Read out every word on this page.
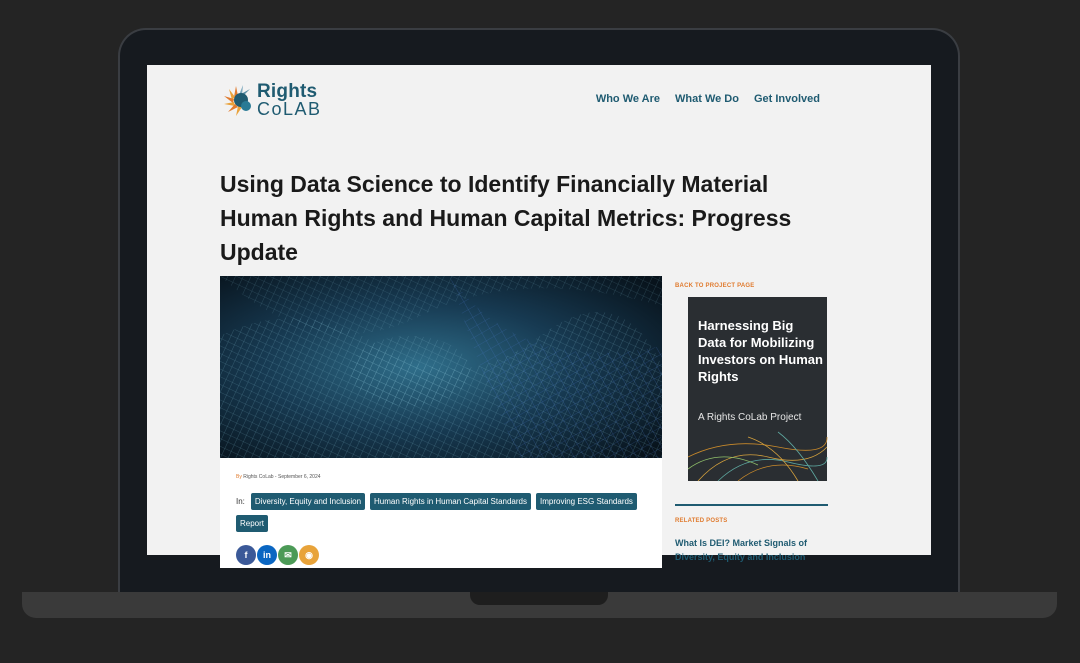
Rights
CoLAB	Who We Are What We Do Get Involved
Using Data Science to Identify Financially Material Human Rights and Human Capital Metrics: Progress Update
By Rights CoLab - September 6, 2024
In:	Diversity, Equity and Inclusion	Human Rights in Human Capital Standards	Improving ESG Standards
Report
f	in	✉	◉
BACK TO PROJECT PAGE
Harnessing Big Data for Mobilizing Investors on Human Rights
A Rights CoLab Project
RELATED POSTS
What Is DEI? Market Signals of Diversity, Equity and Inclusion
